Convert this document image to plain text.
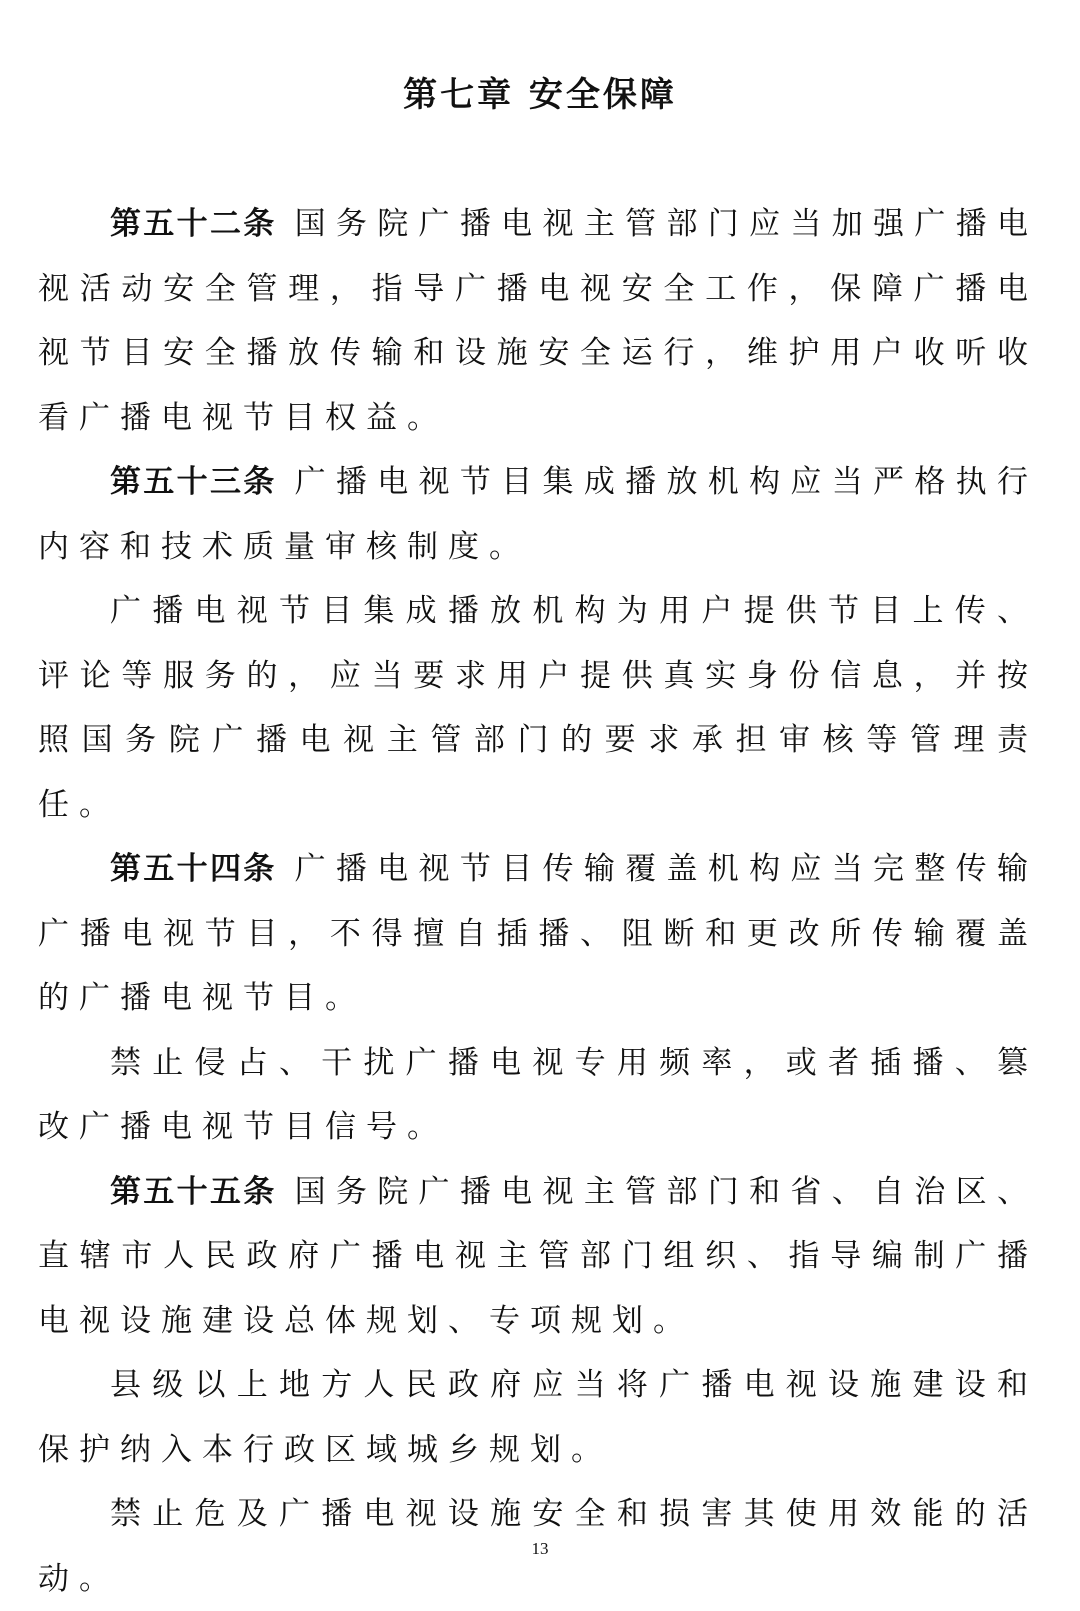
第七章 安全保障

第五十二条 国务院广播电视主管部门应当加强广播电视活动安全管理，指导广播电视安全工作，保障广播电视节目安全播放传输和设施安全运行，维护用户收听收看广播电视节目权益。

第五十三条 广播电视节目集成播放机构应当严格执行内容和技术质量审核制度。

广播电视节目集成播放机构为用户提供节目上传、评论等服务的，应当要求用户提供真实身份信息，并按照国务院广播电视主管部门的要求承担审核等管理责任。

第五十四条 广播电视节目传输覆盖机构应当完整传输广播电视节目，不得擅自插播、阻断和更改所传输覆盖的广播电视节目。

禁止侵占、干扰广播电视专用频率，或者插播、篡改广播电视节目信号。

第五十五条 国务院广播电视主管部门和省、自治区、直辖市人民政府广播电视主管部门组织、指导编制广播电视设施建设总体规划、专项规划。

县级以上地方人民政府应当将广播电视设施建设和保护纳入本行政区域城乡规划。

禁止危及广播电视设施安全和损害其使用效能的活动。

13
